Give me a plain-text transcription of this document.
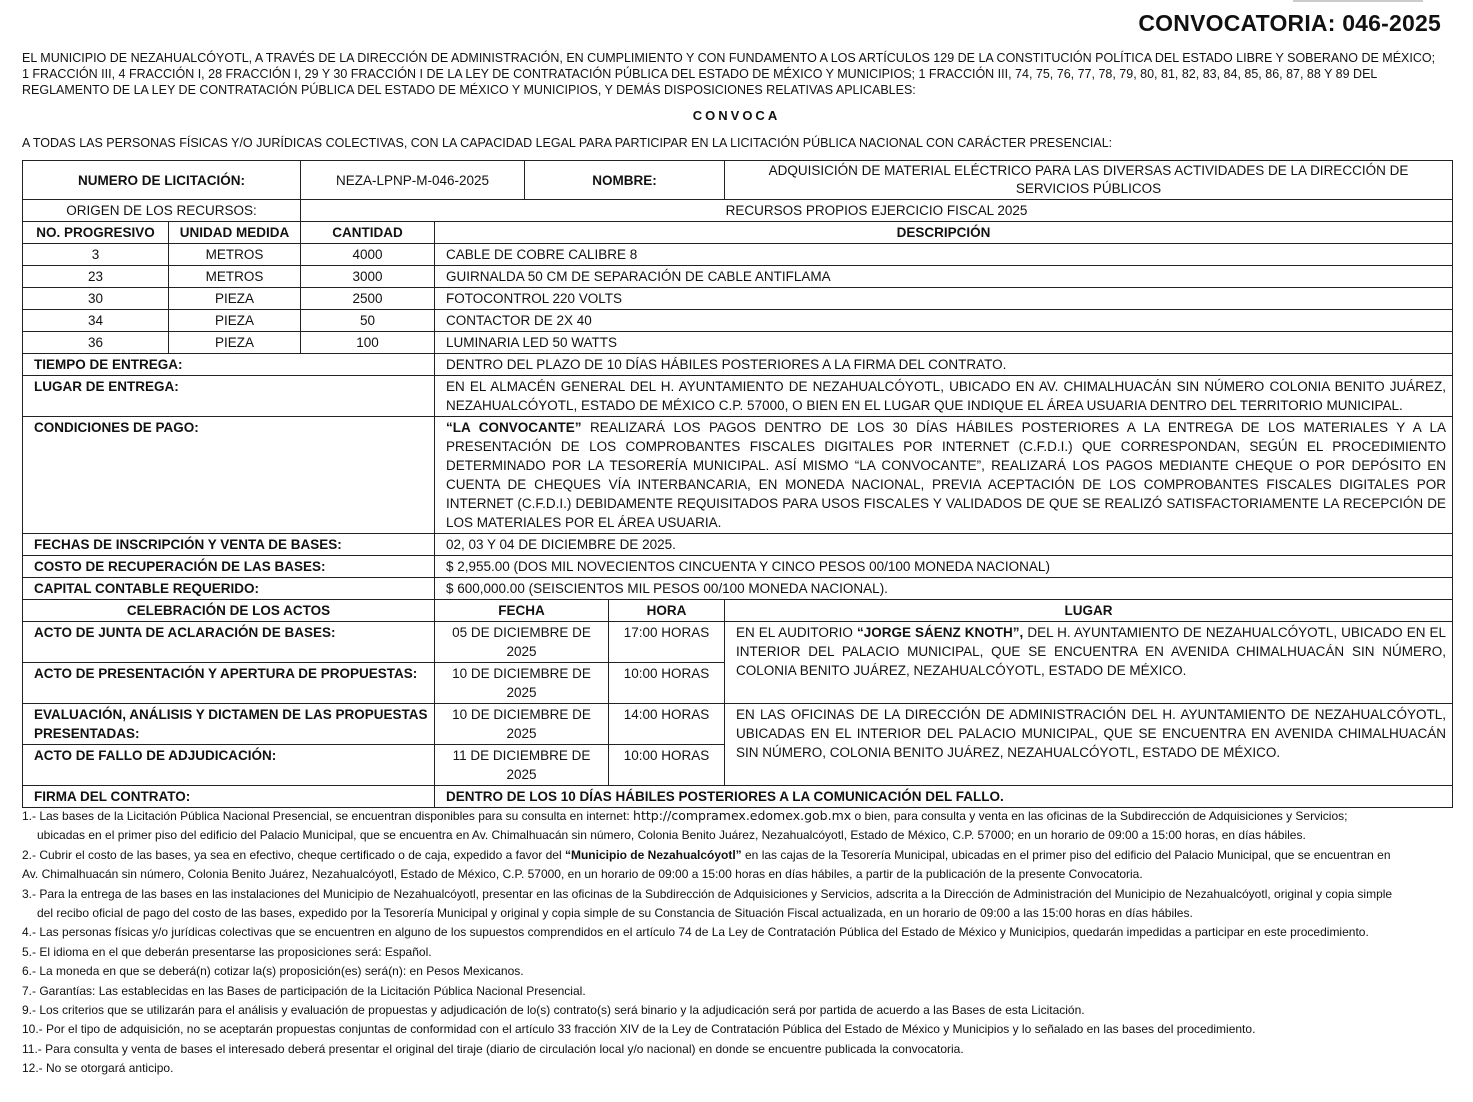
CONVOCATORIA: 046-2025
EL MUNICIPIO DE NEZAHUALCÓYOTL, A TRAVÉS DE LA DIRECCIÓN DE ADMINISTRACIÓN, EN CUMPLIMIENTO Y CON FUNDAMENTO A LOS ARTÍCULOS 129 DE LA CONSTITUCIÓN POLÍTICA DEL ESTADO LIBRE Y SOBERANO DE MÉXICO; 1 FRACCIÓN III, 4 FRACCIÓN I, 28 FRACCIÓN I, 29 Y 30 FRACCIÓN I DE LA LEY DE CONTRATACIÓN PÚBLICA DEL ESTADO DE MÉXICO Y MUNICIPIOS; 1 FRACCIÓN III, 74, 75, 76, 77, 78, 79, 80, 81, 82, 83, 84, 85, 86, 87, 88 Y 89 DEL REGLAMENTO DE LA LEY DE CONTRATACIÓN PÚBLICA DEL ESTADO DE MÉXICO Y MUNICIPIOS, Y DEMÁS DISPOSICIONES RELATIVAS APLICABLES:
CONVOCA
A TODAS LAS PERSONAS FÍSICAS Y/O JURÍDICAS COLECTIVAS, CON LA CAPACIDAD LEGAL PARA PARTICIPAR EN LA LICITACIÓN PÚBLICA NACIONAL CON CARÁCTER PRESENCIAL:
NUMERO DE LICITACIÓN:		NEZA-LPNP-M-046-2025		NOMBRE:		ADQUISICIÓN DE MATERIAL ELÉCTRICO PARA LAS DIVERSAS ACTIVIDADES DE LA DIRECCIÓN DE SERVICIOS PÚBLICOS
ORIGEN DE LOS RECURSOS:		RECURSOS PROPIOS EJERCICIO FISCAL 2025				
NO. PROGRESIVO	UNIDAD MEDIDA	CANTIDAD	DESCRIPCIÓN			
3	METROS	4000	CABLE DE COBRE CALIBRE 8			
23	METROS	3000	GUIRNALDA 50 CM DE SEPARACIÓN DE CABLE ANTIFLAMA			
30	PIEZA	2500	FOTOCONTROL 220 VOLTS			
34	PIEZA	50	CONTACTOR DE 2X 40			
36	PIEZA	100	LUMINARIA LED 50 WATTS			
TIEMPO DE ENTREGA:			DENTRO DEL PLAZO DE 10 DÍAS HÁBILES POSTERIORES A LA FIRMA DEL CONTRATO.			
LUGAR DE ENTREGA:			EN EL ALMACÉN GENERAL DEL H. AYUNTAMIENTO DE NEZAHUALCÓYOTL, UBICADO EN AV. CHIMALHUACÁN SIN NÚMERO COLONIA BENITO JUÁREZ, NEZAHUALCÓYOTL, ESTADO DE MÉXICO C.P. 57000, O BIEN EN EL LUGAR QUE INDIQUE EL ÁREA USUARIA DENTRO DEL TERRITORIO MUNICIPAL.			
CONDICIONES DE PAGO:			“LA CONVOCANTE” REALIZARÁ LOS PAGOS DENTRO DE LOS 30 DÍAS HÁBILES POSTERIORES A LA ENTREGA DE LOS MATERIALES Y A LA PRESENTACIÓN DE LOS COMPROBANTES FISCALES DIGITALES POR INTERNET (C.F.D.I.) QUE CORRESPONDAN, SEGÚN EL PROCEDIMIENTO DETERMINADO POR LA TESORERÍA MUNICIPAL. ASÍ MISMO “LA CONVOCANTE”, REALIZARÁ LOS PAGOS MEDIANTE CHEQUE O POR DEPÓSITO EN CUENTA DE CHEQUES VÍA INTERBANCARIA, EN MONEDA NACIONAL, PREVIA ACEPTACIÓN DE LOS COMPROBANTES FISCALES DIGITALES POR INTERNET (C.F.D.I.) DEBIDAMENTE REQUISITADOS PARA USOS FISCALES Y VALIDADOS DE QUE SE REALIZÓ SATISFACTORIAMENTE LA RECEPCIÓN DE LOS MATERIALES POR EL ÁREA USUARIA.			
FECHAS DE INSCRIPCIÓN Y VENTA DE BASES:			02, 03 Y 04 DE DICIEMBRE DE 2025.			
COSTO DE RECUPERACIÓN DE LAS BASES:			$ 2,955.00 (DOS MIL NOVECIENTOS CINCUENTA Y CINCO PESOS 00/100 MONEDA NACIONAL)			
CAPITAL CONTABLE REQUERIDO:			$ 600,000.00 (SEISCIENTOS MIL PESOS 00/100 MONEDA NACIONAL).			
CELEBRACIÓN DE LOS ACTOS			FECHA		HORA	LUGAR
ACTO DE JUNTA DE ACLARACIÓN DE BASES:			05 DE DICIEMBRE DE 2025		17:00 HORAS	EN EL AUDITORIO “JORGE SÁENZ KNOTH”, DEL H. AYUNTAMIENTO DE NEZAHUALCÓYOTL, UBICADO EN EL INTERIOR DEL PALACIO MUNICIPAL, QUE SE ENCUENTRA EN AVENIDA CHIMALHUACÁN SIN NÚMERO, COLONIA BENITO JUÁREZ, NEZAHUALCÓYOTL, ESTADO DE MÉXICO.
ACTO DE PRESENTACIÓN Y APERTURA DE PROPUESTAS:			10 DE DICIEMBRE DE 2025		10:00 HORAS	
EVALUACIÓN, ANÁLISIS Y DICTAMEN DE LAS PROPUESTAS PRESENTADAS:			10 DE DICIEMBRE DE 2025		14:00 HORAS	EN LAS OFICINAS DE LA DIRECCIÓN DE ADMINISTRACIÓN DEL H. AYUNTAMIENTO DE NEZAHUALCÓYOTL, UBICADAS EN EL INTERIOR DEL PALACIO MUNICIPAL, QUE SE ENCUENTRA EN AVENIDA CHIMALHUACÁN SIN NÚMERO, COLONIA BENITO JUÁREZ, NEZAHUALCÓYOTL, ESTADO DE MÉXICO.
ACTO DE FALLO DE ADJUDICACIÓN:			11 DE DICIEMBRE DE 2025		10:00 HORAS	
FIRMA DEL CONTRATO:			DENTRO DE LOS 10 DÍAS HÁBILES POSTERIORES A LA COMUNICACIÓN DEL FALLO.			

1.- Las bases de la Licitación Pública Nacional Presencial, se encuentran disponibles para su consulta en internet: http://compramex.edomex.gob.mx o bien, para consulta y venta en las oficinas de la Subdirección de Adquisiciones y Servicios;

ubicadas en el primer piso del edificio del Palacio Municipal, que se encuentra en Av. Chimalhuacán sin número, Colonia Benito Juárez, Nezahualcóyotl, Estado de México, C.P. 57000; en un horario de 09:00 a 15:00 horas, en días hábiles.

2.- Cubrir el costo de las bases, ya sea en efectivo, cheque certificado o de caja, expedido a favor del “Municipio de Nezahualcóyotl” en las cajas de la Tesorería Municipal, ubicadas en el primer piso del edificio del Palacio Municipal, que se encuentran en

Av. Chimalhuacán sin número, Colonia Benito Juárez, Nezahualcóyotl, Estado de México, C.P. 57000, en un horario de 09:00 a 15:00 horas en días hábiles, a partir de la publicación de la presente Convocatoria.

3.- Para la entrega de las bases en las instalaciones del Municipio de Nezahualcóyotl, presentar en las oficinas de la Subdirección de Adquisiciones y Servicios, adscrita a la Dirección de Administración del Municipio de Nezahualcóyotl, original y copia simple

del recibo oficial de pago del costo de las bases, expedido por la Tesorería Municipal y original y copia simple de su Constancia de Situación Fiscal actualizada, en un horario de 09:00 a las 15:00 horas en días hábiles.

4.- Las personas físicas y/o jurídicas colectivas que se encuentren en alguno de los supuestos comprendidos en el artículo 74 de La Ley de Contratación Pública del Estado de México y Municipios, quedarán impedidas a participar en este procedimiento.

5.- El idioma en el que deberán presentarse las proposiciones será: Español.

6.- La moneda en que se deberá(n) cotizar la(s) proposición(es) será(n): en Pesos Mexicanos.

7.- Garantías: Las establecidas en las Bases de participación de la Licitación Pública Nacional Presencial.

9.- Los criterios que se utilizarán para el análisis y evaluación de propuestas y adjudicación de lo(s) contrato(s) será binario y la adjudicación será por partida de acuerdo a las Bases de esta Licitación.

10.- Por el tipo de adquisición, no se aceptarán propuestas conjuntas de conformidad con el artículo 33 fracción XIV de la Ley de Contratación Pública del Estado de México y Municipios y lo señalado en las bases del procedimiento.

11.- Para consulta y venta de bases el interesado deberá presentar el original del tiraje (diario de circulación local y/o nacional) en donde se encuentre publicada la convocatoria.

12.- No se otorgará anticipo.
